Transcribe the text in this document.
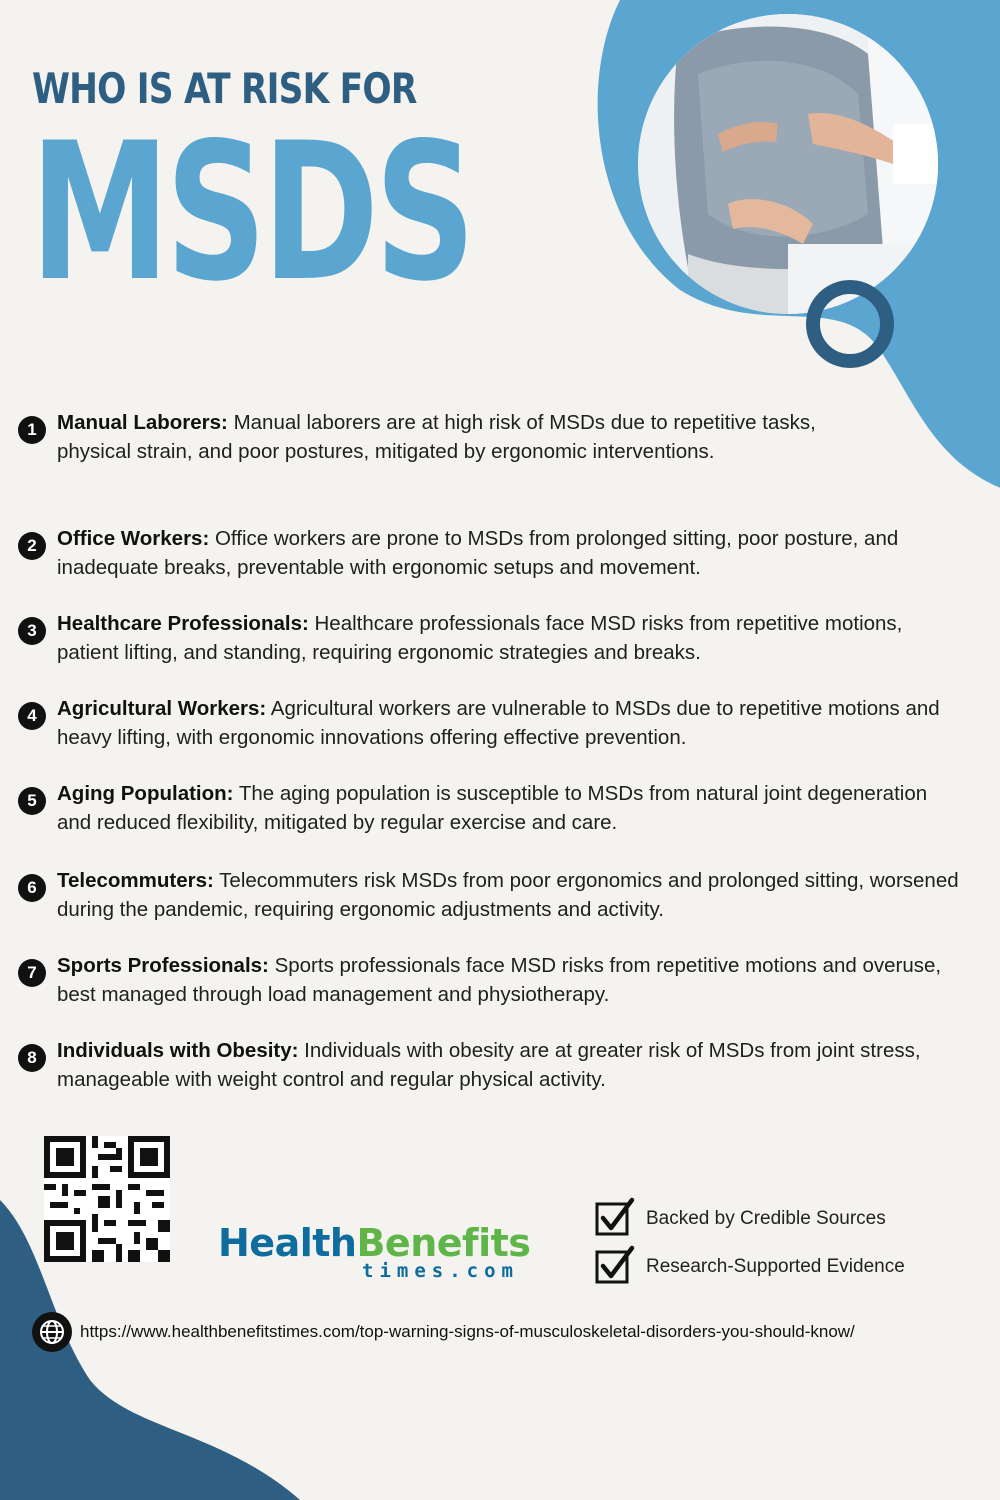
WHO IS AT RISK FOR
MSDS
1 Manual Laborers: Manual laborers are at high risk of MSDs due to repetitive tasks, physical strain, and poor postures, mitigated by ergonomic interventions.
2 Office Workers: Office workers are prone to MSDs from prolonged sitting, poor posture, and inadequate breaks, preventable with ergonomic setups and movement.
3 Healthcare Professionals: Healthcare professionals face MSD risks from repetitive motions, patient lifting, and standing, requiring ergonomic strategies and breaks.
4 Agricultural Workers: Agricultural workers are vulnerable to MSDs due to repetitive motions and heavy lifting, with ergonomic innovations offering effective prevention.
5 Aging Population: The aging population is susceptible to MSDs from natural joint degeneration and reduced flexibility, mitigated by regular exercise and care.
6 Telecommuters: Telecommuters risk MSDs from poor ergonomics and prolonged sitting, worsened during the pandemic, requiring ergonomic adjustments and activity.
7 Sports Professionals: Sports professionals face MSD risks from repetitive motions and overuse, best managed through load management and physiotherapy.
8 Individuals with Obesity: Individuals with obesity are at greater risk of MSDs from joint stress, manageable with weight control and regular physical activity.
HealthBenefits
times.com
Backed by Credible Sources
Research-Supported Evidence
https://www.healthbenefitstimes.com/top-warning-signs-of-musculoskeletal-disorders-you-should-know/
